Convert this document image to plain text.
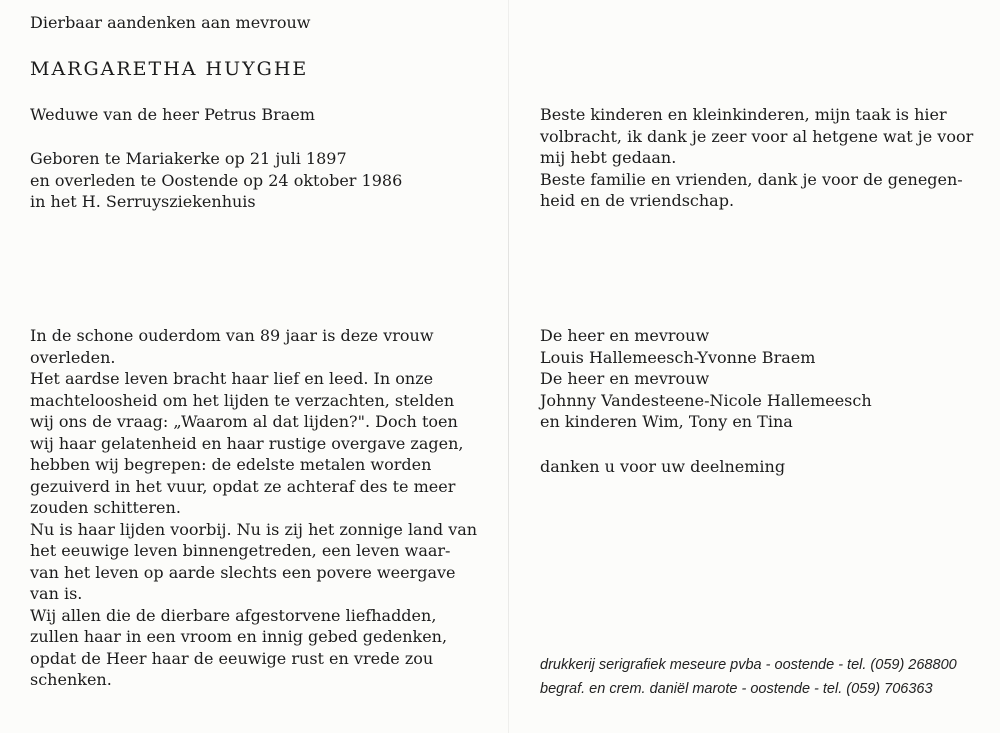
Dierbaar aandenken aan mevrouw
MARGARETHA HUYGHE
Weduwe van de heer Petrus Braem
Geboren te Mariakerke op 21 juli 1897
en overleden te Oostende op 24 oktober 1986
in het H. Serruysziekenhuis
In de schone ouderdom van 89 jaar is deze vrouw
overleden.
Het aardse leven bracht haar lief en leed. In onze
machteloosheid om het lijden te verzachten, stelden
wij ons de vraag: „Waarom al dat lijden?". Doch toen
wij haar gelatenheid en haar rustige overgave zagen,
hebben wij begrepen: de edelste metalen worden
gezuiverd in het vuur, opdat ze achteraf des te meer
zouden schitteren.
Nu is haar lijden voorbij. Nu is zij het zonnige land van
het eeuwige leven binnengetreden, een leven waar-
van het leven op aarde slechts een povere weergave
van is.
Wij allen die de dierbare afgestorvene liefhadden,
zullen haar in een vroom en innig gebed gedenken,
opdat de Heer haar de eeuwige rust en vrede zou
schenken.
Beste kinderen en kleinkinderen, mijn taak is hier
volbracht, ik dank je zeer voor al hetgene wat je voor
mij hebt gedaan.
Beste familie en vrienden, dank je voor de genegen-
heid en de vriendschap.
De heer en mevrouw
Louis Hallemeesch-Yvonne Braem
De heer en mevrouw
Johnny Vandesteene-Nicole Hallemeesch
en kinderen Wim, Tony en Tina
danken u voor uw deelneming
drukkerij serigrafiek meseure pvba - oostende - tel. (059) 268800
begraf. en crem. daniël marote - oostende - tel. (059) 706363
